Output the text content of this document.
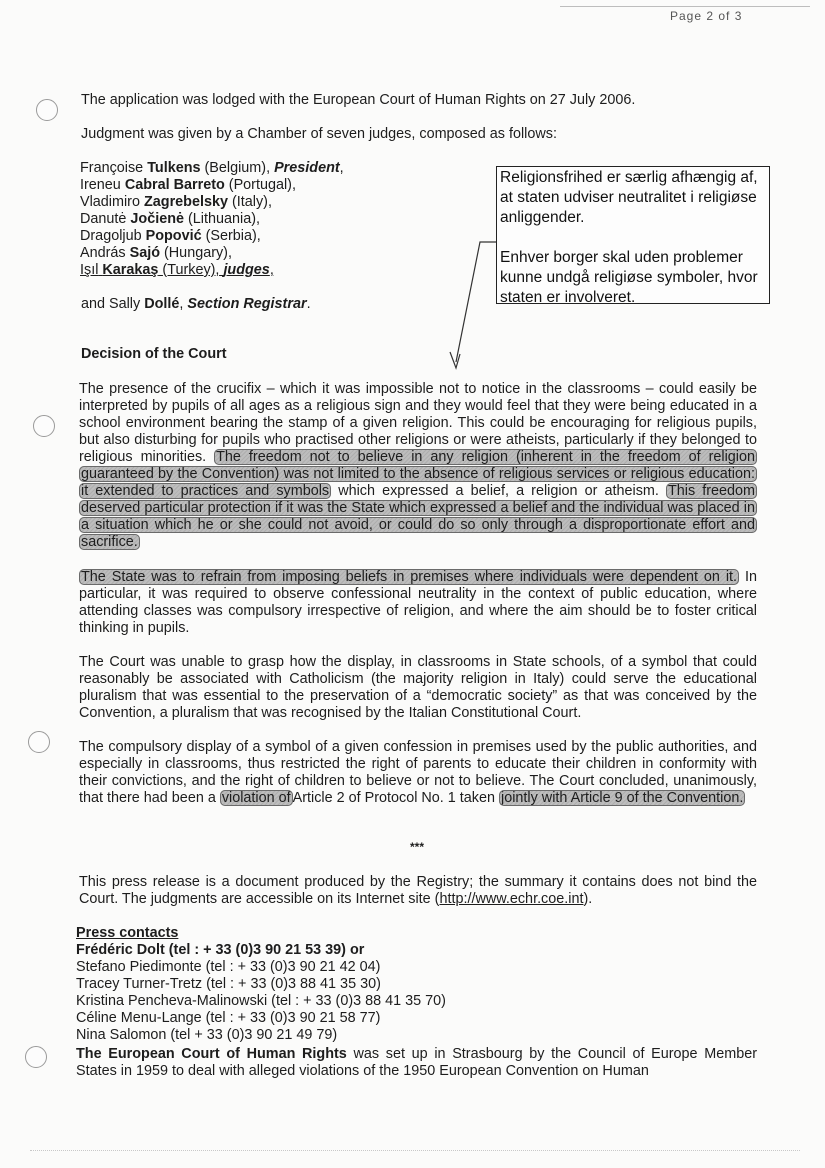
Page 2 of 3
The application was lodged with the European Court of Human Rights on 27 July 2006.
Judgment was given by a Chamber of seven judges, composed as follows:
Françoise Tulkens (Belgium), President,
Ireneu Cabral Barreto (Portugal),
Vladimiro Zagrebelsky (Italy),
Danutė Jočienė (Lithuania),
Dragoljub Popović (Serbia),
András Sajó (Hungary),
Işıl Karakaş (Turkey), judges,
and Sally Dollé, Section Registrar.

Religionsfrihed er særlig afhængig af, at staten udviser neutralitet i religiøse anliggender.

Enhver borger skal uden problemer kunne undgå religiøse symboler, hvor staten er involveret.

Decision of the Court

The presence of the crucifix – which it was impossible not to notice in the classrooms – could easily be interpreted by pupils of all ages as a religious sign and they would feel that they were being educated in a school environment bearing the stamp of a given religion. This could be encouraging for religious pupils, but also disturbing for pupils who practised other religions or were atheists, particularly if they belonged to religious minorities. The freedom not to believe in any religion (inherent in the freedom of religion guaranteed by the Convention) was not limited to the absence of religious services or religious education: it extended to practices and symbols which expressed a belief, a religion or atheism. This freedom deserved particular protection if it was the State which expressed a belief and the individual was placed in a situation which he or she could not avoid, or could do so only through a disproportionate effort and sacrifice.

The State was to refrain from imposing beliefs in premises where individuals were dependent on it. In particular, it was required to observe confessional neutrality in the context of public education, where attending classes was compulsory irrespective of religion, and where the aim should be to foster critical thinking in pupils.

The Court was unable to grasp how the display, in classrooms in State schools, of a symbol that could reasonably be associated with Catholicism (the majority religion in Italy) could serve the educational pluralism that was essential to the preservation of a “democratic society” as that was conceived by the Convention, a pluralism that was recognised by the Italian Constitutional Court.

The compulsory display of a symbol of a given confession in premises used by the public authorities, and especially in classrooms, thus restricted the right of parents to educate their children in conformity with their convictions, and the right of children to believe or not to believe. The Court concluded, unanimously, that there had been a violation of Article 2 of Protocol No. 1 taken jointly with Article 9 of the Convention.

***

This press release is a document produced by the Registry; the summary it contains does not bind the Court. The judgments are accessible on its Internet site (http://www.echr.coe.int).

Press contacts
Frédéric Dolt (tel : + 33 (0)3 90 21 53 39) or
Stefano Piedimonte (tel : + 33 (0)3 90 21 42 04)
Tracey Turner-Tretz (tel : + 33 (0)3 88 41 35 30)
Kristina Pencheva-Malinowski (tel : + 33 (0)3 88 41 35 70)
Céline Menu-Lange (tel : + 33 (0)3 90 21 58 77)
Nina Salomon (tel + 33 (0)3 90 21 49 79)

The European Court of Human Rights was set up in Strasbourg by the Council of Europe Member States in 1959 to deal with alleged violations of the 1950 European Convention on Human
